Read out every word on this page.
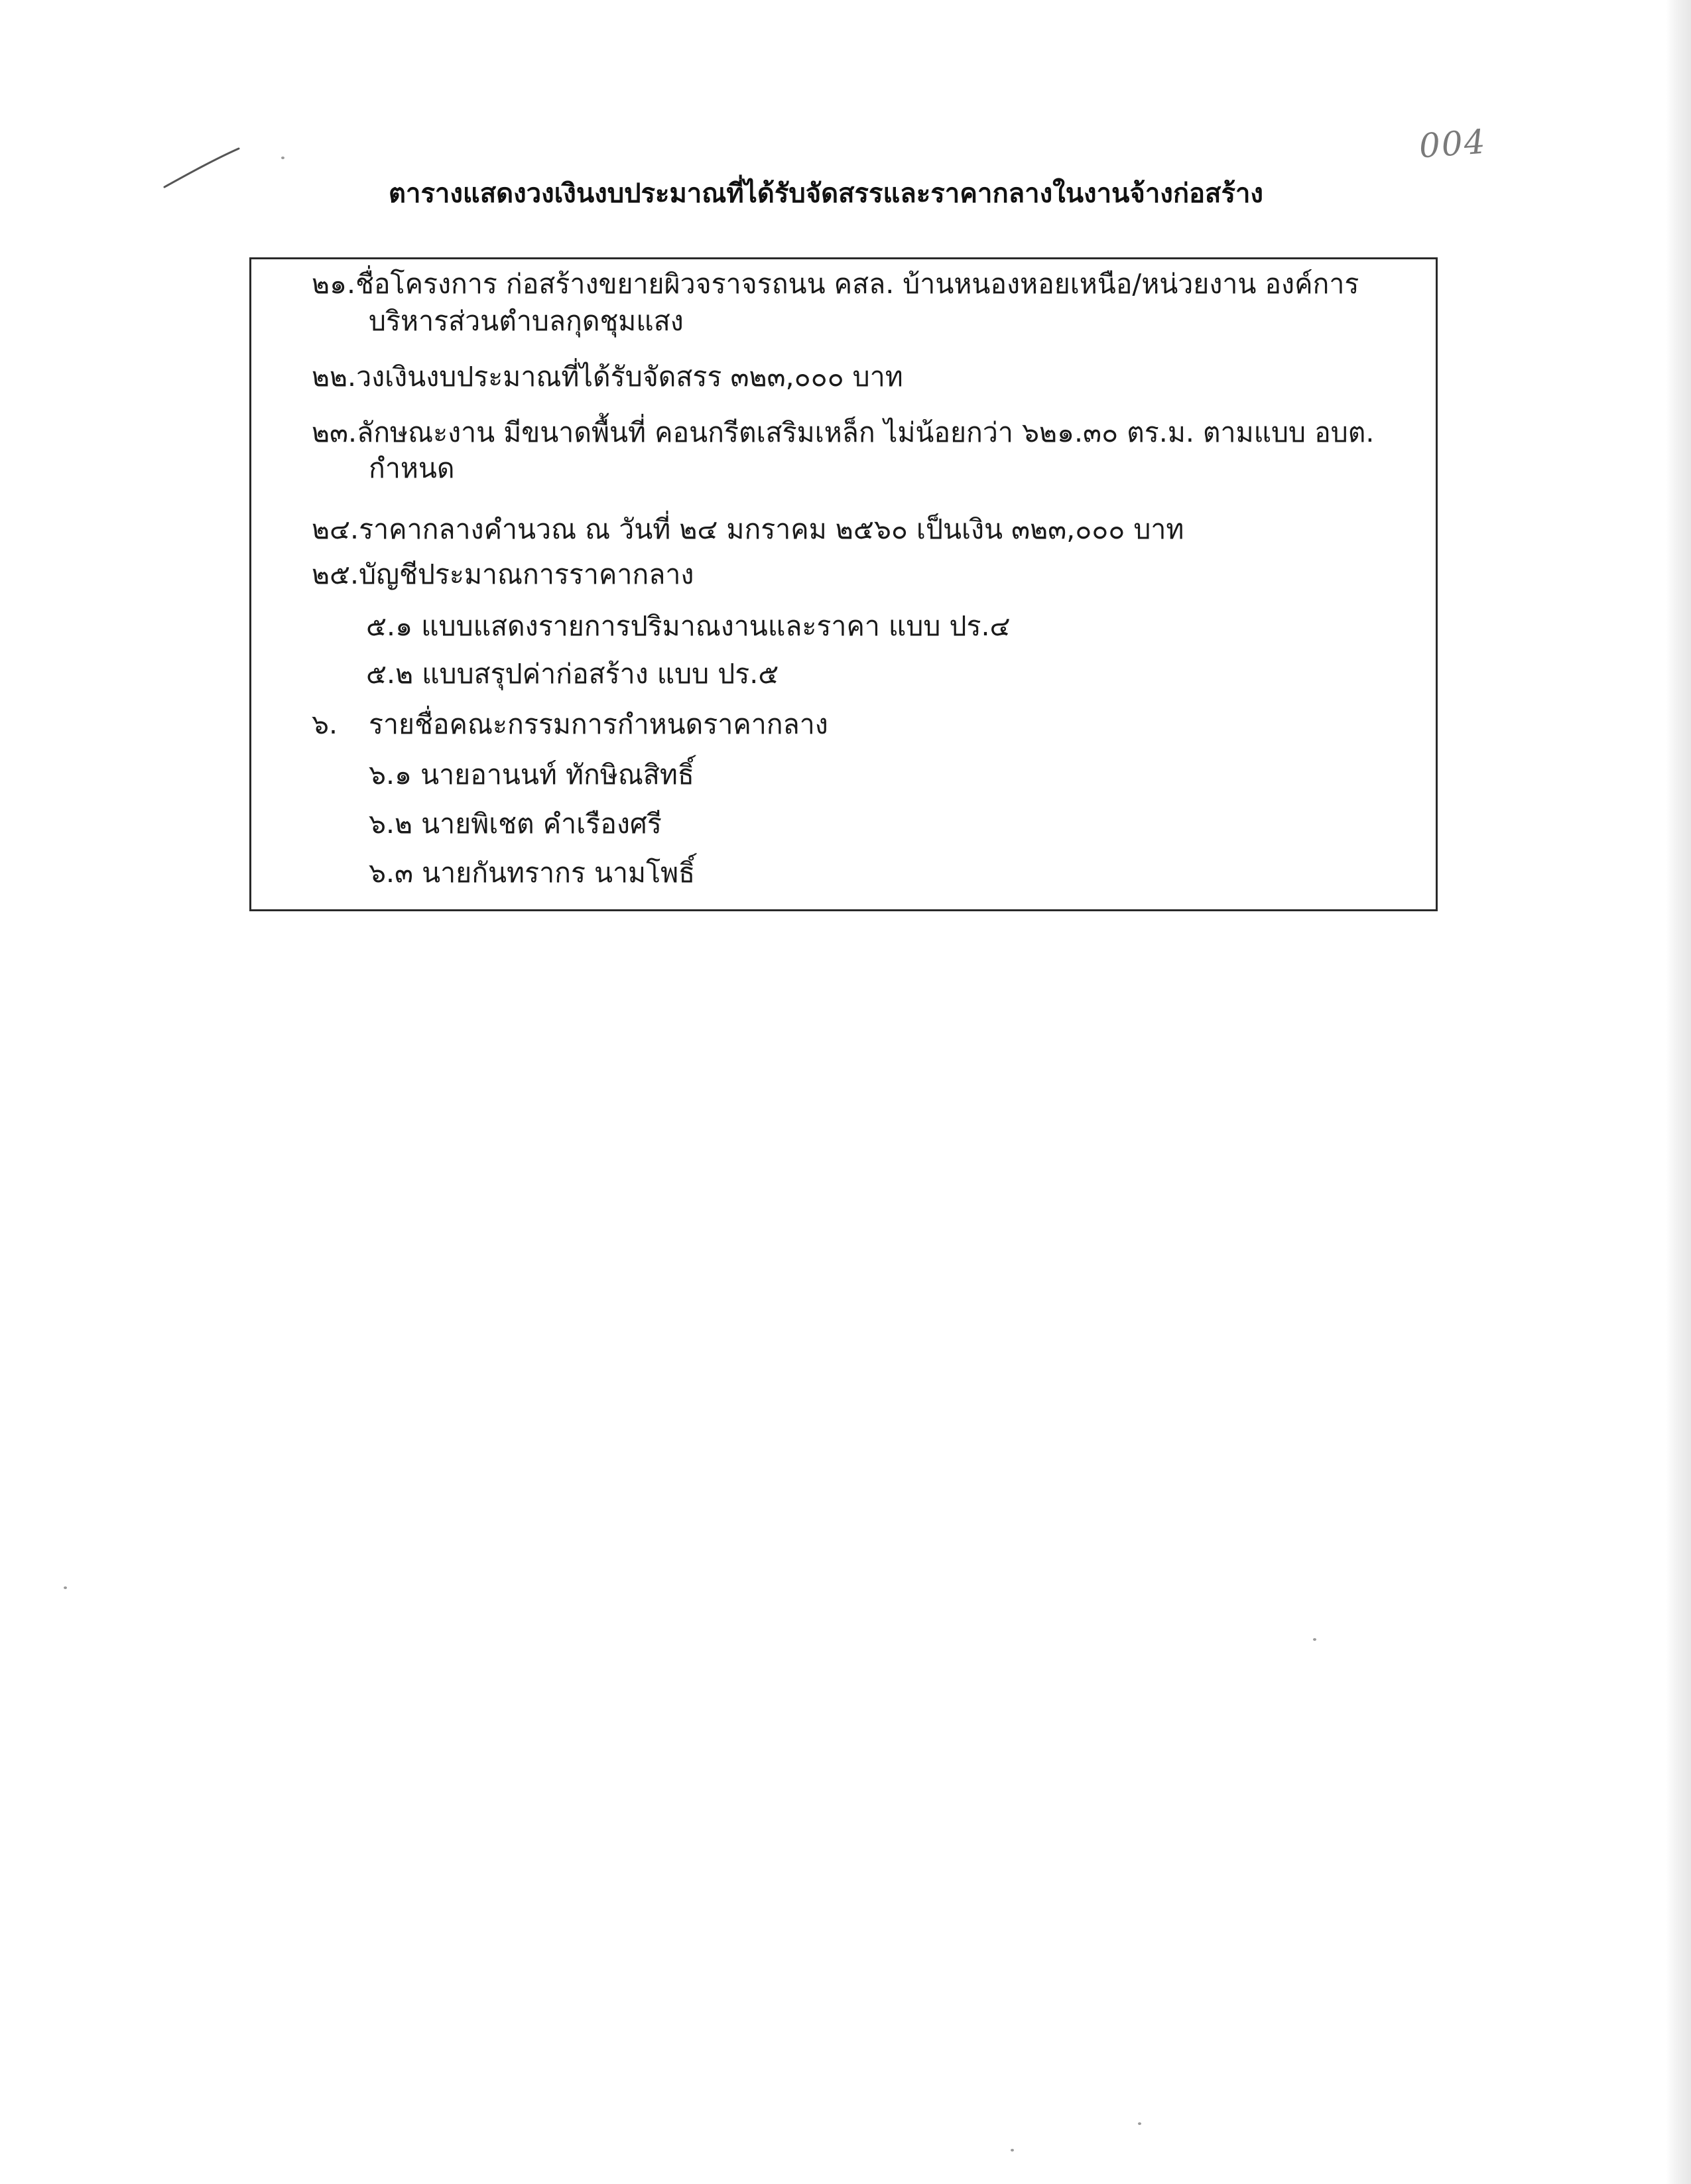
004
ตารางแสดงวงเงินงบประมาณที่ได้รับจัดสรรและราคากลางในงานจ้างก่อสร้าง
๒๑.ชื่อโครงการ ก่อสร้างขยายผิวจราจรถนน คสล. บ้านหนองหอยเหนือ/หน่วยงาน องค์การ
บริหารส่วนตำบลกุดชุมแสง
๒๒.วงเงินงบประมาณที่ได้รับจัดสรร ๓๒๓,๐๐๐ บาท
๒๓.ลักษณะงาน มีขนาดพื้นที่ คอนกรีตเสริมเหล็ก ไม่น้อยกว่า ๖๒๑.๓๐ ตร.ม. ตามแบบ อบต.
กำหนด
๒๔.ราคากลางคำนวณ ณ วันที่ ๒๔ มกราคม ๒๕๖๐ เป็นเงิน ๓๒๓,๐๐๐ บาท
๒๕.บัญชีประมาณการราคากลาง
๕.๑ แบบแสดงรายการปริมาณงานและราคา แบบ ปร.๔
๕.๒ แบบสรุปค่าก่อสร้าง แบบ ปร.๕
๖. รายชื่อคณะกรรมการกำหนดราคากลาง
๖.๑ นายอานนท์ ทักษิณสิทธิ์
๖.๒ นายพิเชต คำเรืองศรี
๖.๓ นายกันทรากร นามโพธิ์
